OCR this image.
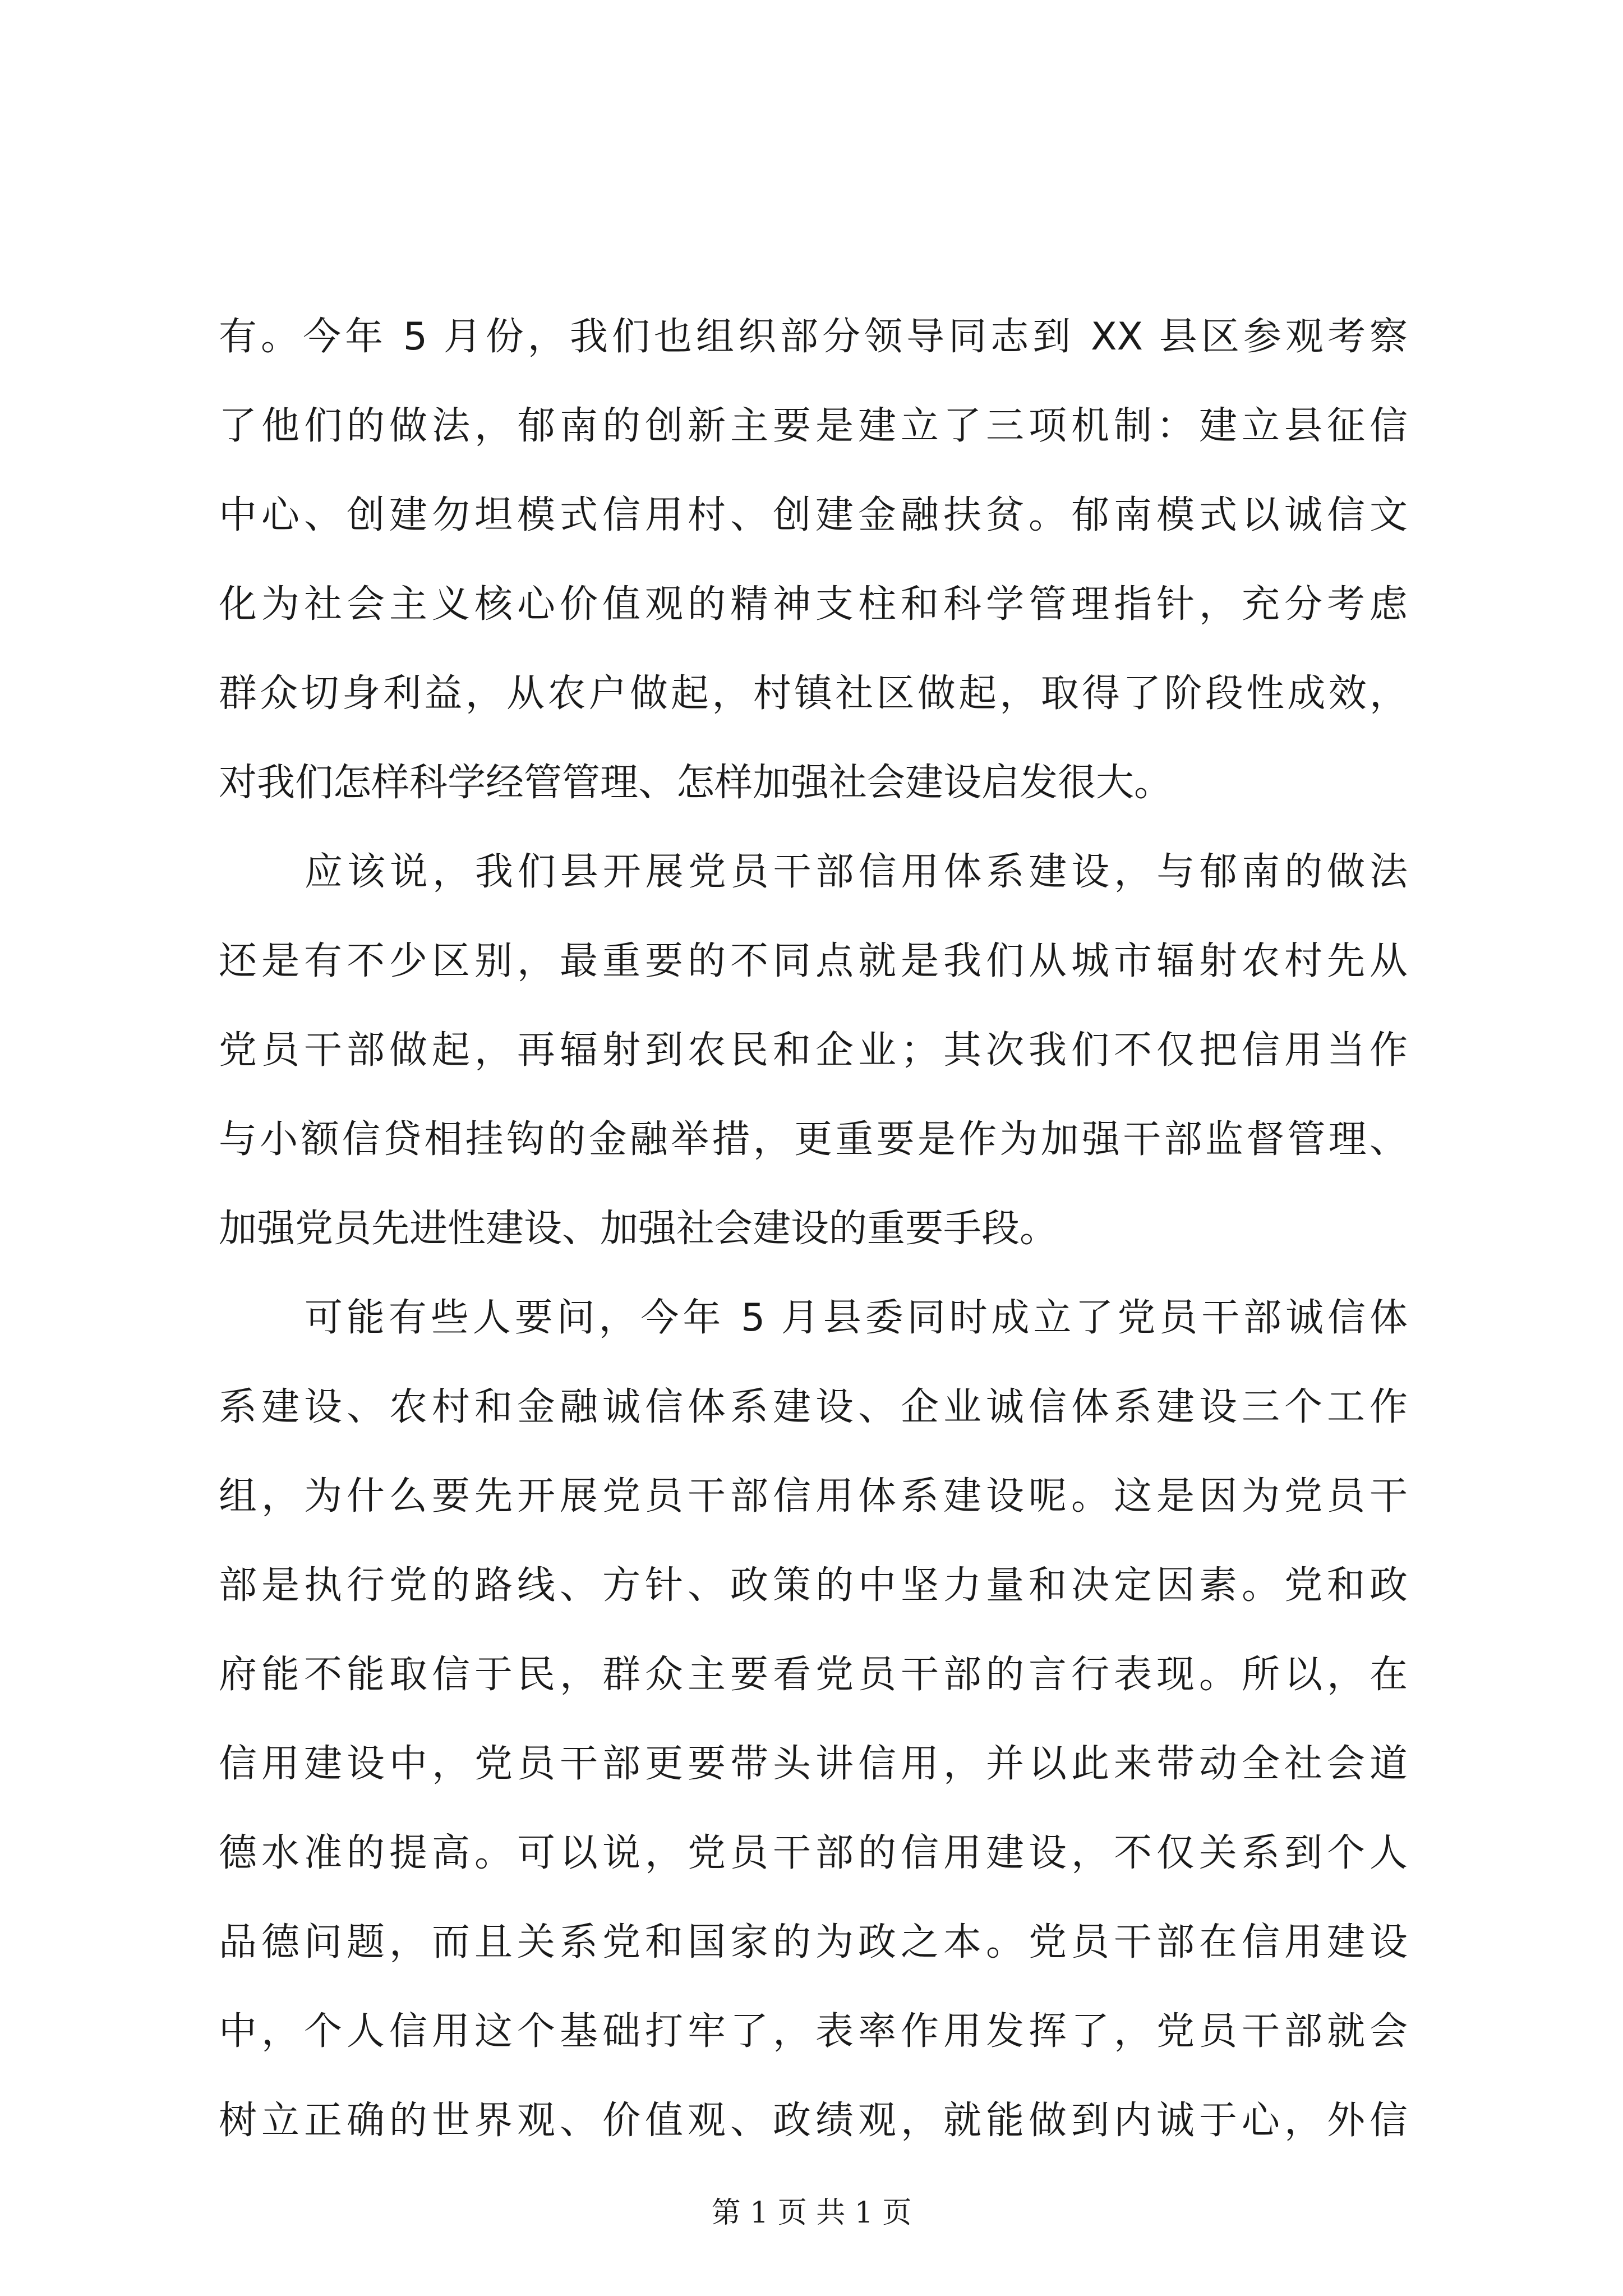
有。今年 5 月份，我们也组织部分领导同志到 XX 县区参观考察
了他们的做法，郁南的创新主要是建立了三项机制：建立县征信
中心、创建勿坦模式信用村、创建金融扶贫。郁南模式以诚信文
化为社会主义核心价值观的精神支柱和科学管理指针，充分考虑
群众切身利益，从农户做起，村镇社区做起，取得了阶段性成效，
对我们怎样科学经管管理、怎样加强社会建设启发很大。
应该说，我们县开展党员干部信用体系建设，与郁南的做法
还是有不少区别，最重要的不同点就是我们从城市辐射农村先从
党员干部做起，再辐射到农民和企业；其次我们不仅把信用当作
与小额信贷相挂钩的金融举措，更重要是作为加强干部监督管理、
加强党员先进性建设、加强社会建设的重要手段。
可能有些人要问，今年 5 月县委同时成立了党员干部诚信体
系建设、农村和金融诚信体系建设、企业诚信体系建设三个工作
组，为什么要先开展党员干部信用体系建设呢。这是因为党员干
部是执行党的路线、方针、政策的中坚力量和决定因素。党和政
府能不能取信于民，群众主要看党员干部的言行表现。所以，在
信用建设中，党员干部更要带头讲信用，并以此来带动全社会道
德水准的提高。可以说，党员干部的信用建设，不仅关系到个人
品德问题，而且关系党和国家的为政之本。党员干部在信用建设
中，个人信用这个基础打牢了，表率作用发挥了，党员干部就会
树立正确的世界观、价值观、政绩观，就能做到内诚于心，外信
第 1 页 共 1 页
